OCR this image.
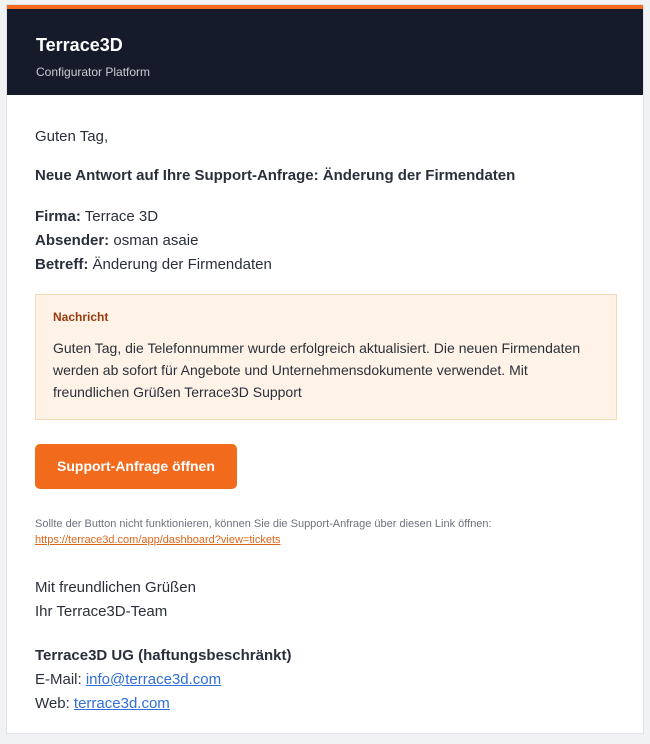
Terrace3D
Configurator Platform
Guten Tag,
Neue Antwort auf Ihre Support-Anfrage: Änderung der Firmendaten
Firma: Terrace 3D
Absender: osman asaie
Betreff: Änderung der Firmendaten
Nachricht
Guten Tag, die Telefonnummer wurde erfolgreich aktualisiert. Die neuen Firmendaten werden ab sofort für Angebote und Unternehmensdokumente verwendet. Mit freundlichen Grüßen Terrace3D Support
Support-Anfrage öffnen
Sollte der Button nicht funktionieren, können Sie die Support-Anfrage über diesen Link öffnen:
https://terrace3d.com/app/dashboard?view=tickets
Mit freundlichen Grüßen
Ihr Terrace3D-Team
Terrace3D UG (haftungsbeschränkt)
E-Mail: info@terrace3d.com
Web: terrace3d.com
